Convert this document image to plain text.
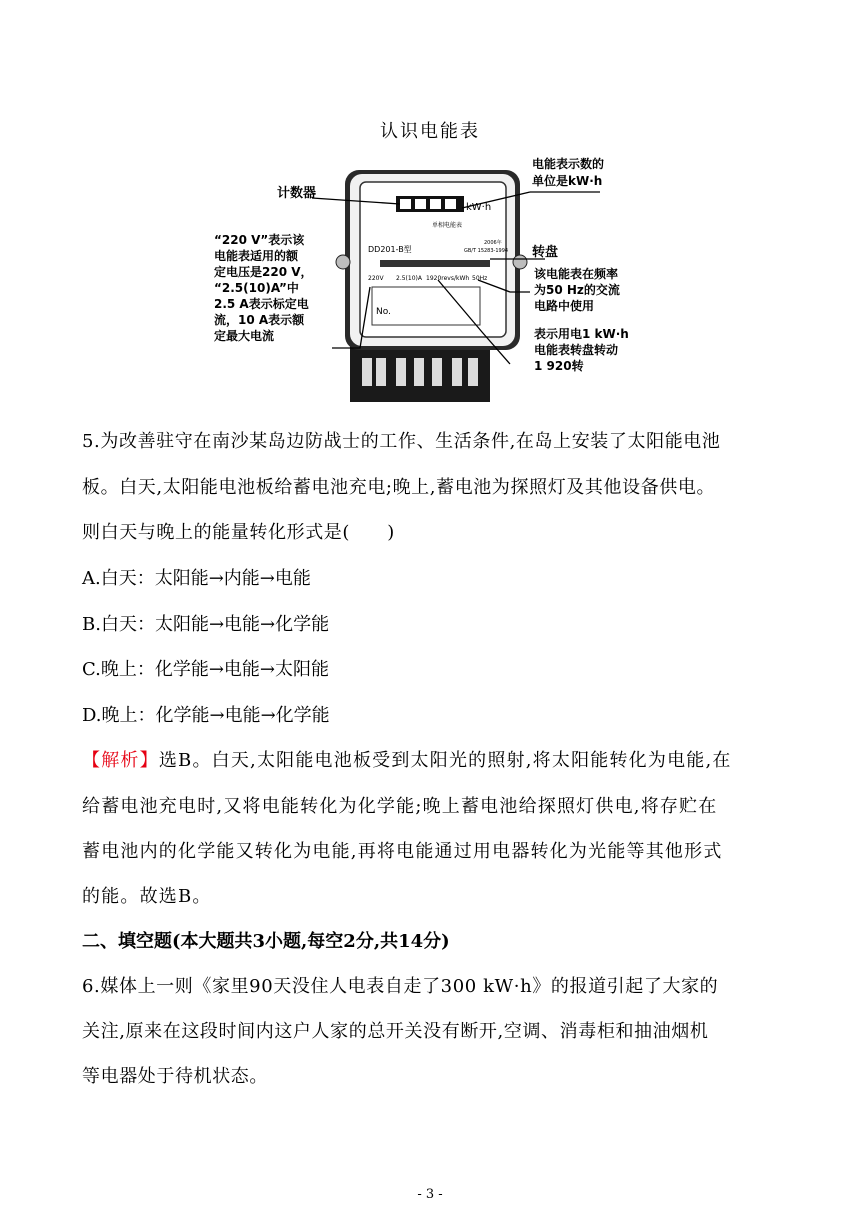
认识电能表
kW·h
单相电能表
2006年
DD201-B型	GB/T 15283-1994
220V 2.5(10)A 1920revs/kWh 50Hz
No.
计数器
电能表示数的
单位是kW·h
“220 V”表示该
电能表适用的额
定电压是220 V，
“2.5(10)A”中
2.5 A表示标定电
流，10 A表示额
定最大电流
转盘
该电能表在频率
为50 Hz的交流
电路中使用
表示用电1 kW·h
电能表转盘转动
1 920转
5.为改善驻守在南沙某岛边防战士的工作、生活条件,在岛上安装了太阳能电池
板。白天,太阳能电池板给蓄电池充电;晚上,蓄电池为探照灯及其他设备供电。
则白天与晚上的能量转化形式是(　　)
A.白天：太阳能→内能→电能
B.白天：太阳能→电能→化学能
C.晚上：化学能→电能→太阳能
D.晚上：化学能→电能→化学能
【解析】选B。白天,太阳能电池板受到太阳光的照射,将太阳能转化为电能,在
给蓄电池充电时,又将电能转化为化学能;晚上蓄电池给探照灯供电,将存贮在
蓄电池内的化学能又转化为电能,再将电能通过用电器转化为光能等其他形式
的能。故选B。
二、填空题(本大题共3小题,每空2分,共14分)
6.媒体上一则《家里90天没住人电表自走了300 kW·h》的报道引起了大家的
关注,原来在这段时间内这户人家的总开关没有断开,空调、消毒柜和抽油烟机
等电器处于待机状态。
- 3 -
